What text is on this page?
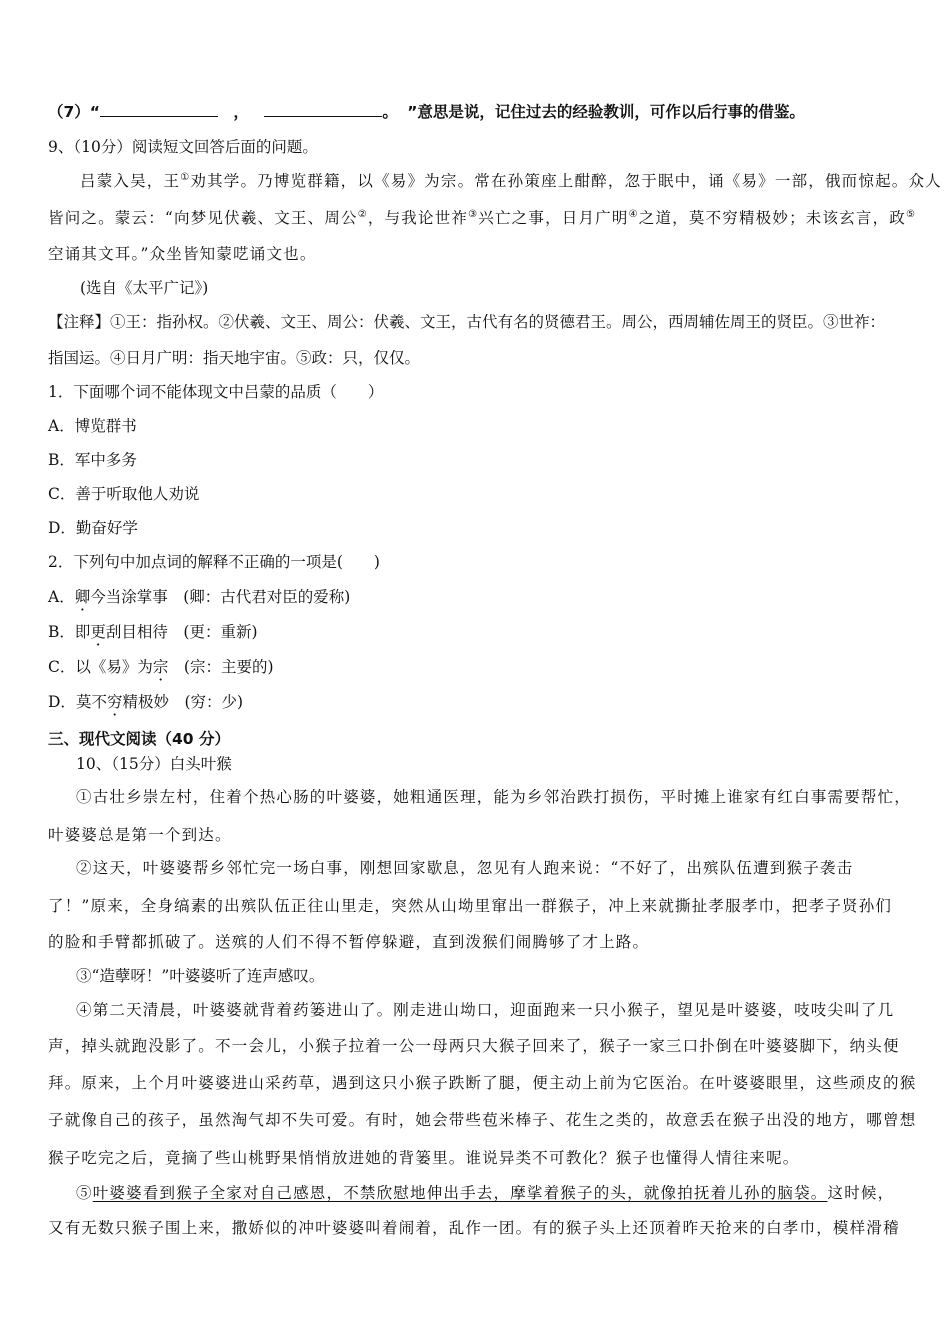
（7）“	，	。 ”意思是说，记住过去的经验教训，可作以后行事的借鉴。
9、（10分）阅读短文回答后面的问题。
吕蒙入吴，王①劝其学。乃博览群籍，以《易》为宗。常在孙策座上酣醉，忽于眠中，诵《易》一部，俄而惊起。众人
皆问之。蒙云：“向梦见伏羲、文王、周公②，与我论世祚③兴亡之事，日月广明④之道，莫不穷精极妙；未该玄言，政⑤
空诵其文耳。”众坐皆知蒙呓诵文也。
(选自《太平广记》)
【注释】①王：指孙权。②伏羲、文王、周公：伏羲、文王，古代有名的贤德君王。周公，西周辅佐周王的贤臣。③世祚：
指国运。④日月广明：指天地宇宙。⑤政：只，仅仅。
1．下面哪个词不能体现文中吕蒙的品质（　　）
A．博览群书
B．军中多务
C．善于听取他人劝说
D．勤奋好学
2．下列句中加点词的解释不正确的一项是(　　)
A．卿今当涂掌事　(卿：古代君对臣的爱称)
B．即更刮目相待　(更：重新)
C．以《易》为宗　(宗：主要的)
D．莫不穷精极妙　(穷：少)
三、现代文阅读（40 分）
10、（15分）白头叶猴
①古壮乡崇左村，住着个热心肠的叶婆婆，她粗通医理，能为乡邻治跌打损伤，平时摊上谁家有红白事需要帮忙，
叶婆婆总是第一个到达。
②这天，叶婆婆帮乡邻忙完一场白事，刚想回家歇息，忽见有人跑来说：“不好了，出殡队伍遭到猴子袭击
了！”原来，全身缟素的出殡队伍正往山里走，突然从山坳里窜出一群猴子，冲上来就撕扯孝服孝巾，把孝子贤孙们
的脸和手臂都抓破了。送殡的人们不得不暂停躲避，直到泼猴们闹腾够了才上路。
③“造孽呀！”叶婆婆听了连声感叹。
④第二天清晨，叶婆婆就背着药篓进山了。刚走进山坳口，迎面跑来一只小猴子，望见是叶婆婆，吱吱尖叫了几
声，掉头就跑没影了。不一会儿，小猴子拉着一公一母两只大猴子回来了，猴子一家三口扑倒在叶婆婆脚下，纳头便
拜。原来，上个月叶婆婆进山采药草，遇到这只小猴子跌断了腿，便主动上前为它医治。在叶婆婆眼里，这些顽皮的猴
子就像自己的孩子，虽然淘气却不失可爱。有时，她会带些苞米棒子、花生之类的，故意丢在猴子出没的地方，哪曾想
猴子吃完之后，竟摘了些山桃野果悄悄放进她的背篓里。谁说异类不可教化？猴子也懂得人情往来呢。
⑤叶婆婆看到猴子全家对自己感恩，不禁欣慰地伸出手去，摩挲着猴子的头，就像拍抚着儿孙的脑袋。这时候，
又有无数只猴子围上来，撒娇似的冲叶婆婆叫着闹着，乱作一团。有的猴子头上还顶着昨天抢来的白孝巾，模样滑稽
